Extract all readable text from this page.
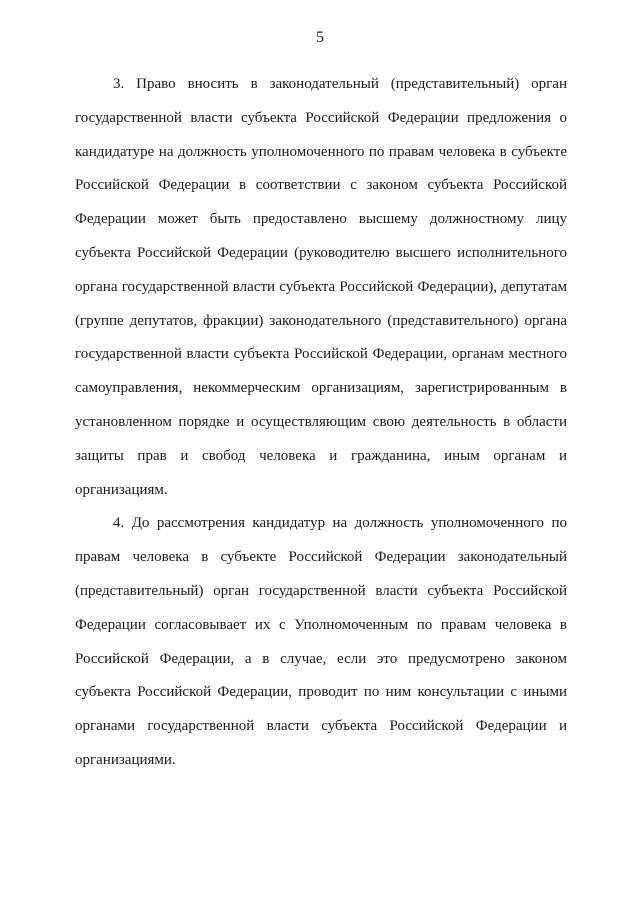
5

3. Право вносить в законодательный (представительный) орган государственной власти субъекта Российской Федерации предложения о кандидатуре на должность уполномоченного по правам человека в субъекте Российской Федерации в соответствии с законом субъекта Российской Федерации может быть предоставлено высшему должностному лицу субъекта Российской Федерации (руководителю высшего исполнительного органа государственной власти субъекта Российской Федерации), депутатам (группе депутатов, фракции) законодательного (представительного) органа государственной власти субъекта Российской Федерации, органам местного самоуправления, некоммерческим организациям, зарегистрированным в установленном порядке и осуществляющим свою деятельность в области защиты прав и свобод человека и гражданина, иным органам и организациям.

4. До рассмотрения кандидатур на должность уполномоченного по правам человека в субъекте Российской Федерации законодательный (представительный) орган государственной власти субъекта Российской Федерации согласовывает их с Уполномоченным по правам человека в Российской Федерации, а в случае, если это предусмотрено законом субъекта Российской Федерации, проводит по ним консультации с иными органами государственной власти субъекта Российской Федерации и организациями.
